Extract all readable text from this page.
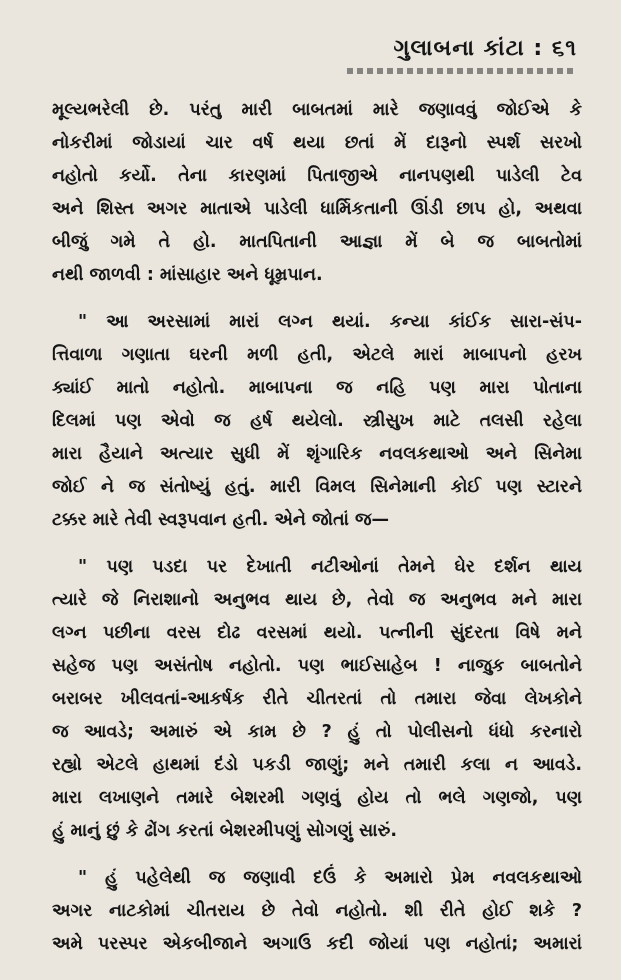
ગુલાબના કાંટા : ૬૧
મૂલ્યભરેલી છે. પરંતુ મારી બાબતમાં મારે જણાવવું જોઈએ કે
નોકરીમાં જોડાયાં ચાર વર્ષ થયા છતાં મેં દારૂનો સ્પર્શ સરખો
નહોતો કર્યો. તેના કારણમાં પિતાજીએ નાનપણથી પાડેલી ટેવ
અને શિસ્ત અગર માતાએ પાડેલી ધાર્મિકતાની ઊંડી છાપ હો, અથવા
બીજું ગમે તે હો. માતપિતાની આજ્ઞા મેં બે જ બાબતોમાં
નથી જાળવી : માંસાહાર અને ધૂમ્રપાન.
" આ અરસામાં મારાં લગ્ન થયાં. કન્યા કાંઈક સારા-સંપ-
ત્તિવાળા ગણાતા ઘરની મળી હતી, એટલે મારાં માબાપનો હરખ
ક્યાંઈ માતો નહોતો. માબાપના જ નહિ પણ મારા પોતાના
દિલમાં પણ એવો જ હર્ષ થયેલો. સ્ત્રીસુખ માટે તલસી રહેલા
મારા હૈયાને અત્યાર સુધી મેં શૃંગારિક નવલકથાઓ અને સિનેમા
જોઈ ને જ સંતોષ્યું હતું. મારી વિમલ સિનેમાની કોઈ પણ સ્ટારને
ટક્કર મારે તેવી સ્વરૂપવાન હતી. એને જોતાં જ—
" પણ પડદા પર દેખાતી નટીઓનાં તેમને ઘેર દર્શન થાય
ત્યારે જે નિરાશાનો અનુભવ થાય છે, તેવો જ અનુભવ મને મારા
લગ્ન પછીના વરસ દોઢ વરસમાં થયો. પત્નીની સુંદરતા વિષે મને
સહેજ પણ અસંતોષ નહોતો. પણ ભાઈસાહેબ ! નાજુક બાબતોને
બરાબર ખીલવતાં-આકર્ષક રીતે ચીતરતાં તો તમારા જેવા લેખકોને
જ આવડે; અમારું એ કામ છે ? હું તો પોલીસનો ધંધો કરનારો
રહ્યો એટલે હાથમાં દંડો પકડી જાણું; મને તમારી કલા ન આવડે.
મારા લખાણને તમારે બેશરમી ગણવું હોય તો ભલે ગણજો, પણ
હું માનું છું કે ઢોંગ કરતાં બેશરમીપણું સોગણું સારું.
" હું પહેલેથી જ જણાવી દઉં કે અમારો પ્રેમ નવલકથાઓ
અગર નાટકોમાં ચીતરાય છે તેવો નહોતો. શી રીતે હોઈ શકે ?
અમે પરસ્પર એકબીજાને અગાઉ કદી જોયાં પણ નહોતાં; અમારાં
